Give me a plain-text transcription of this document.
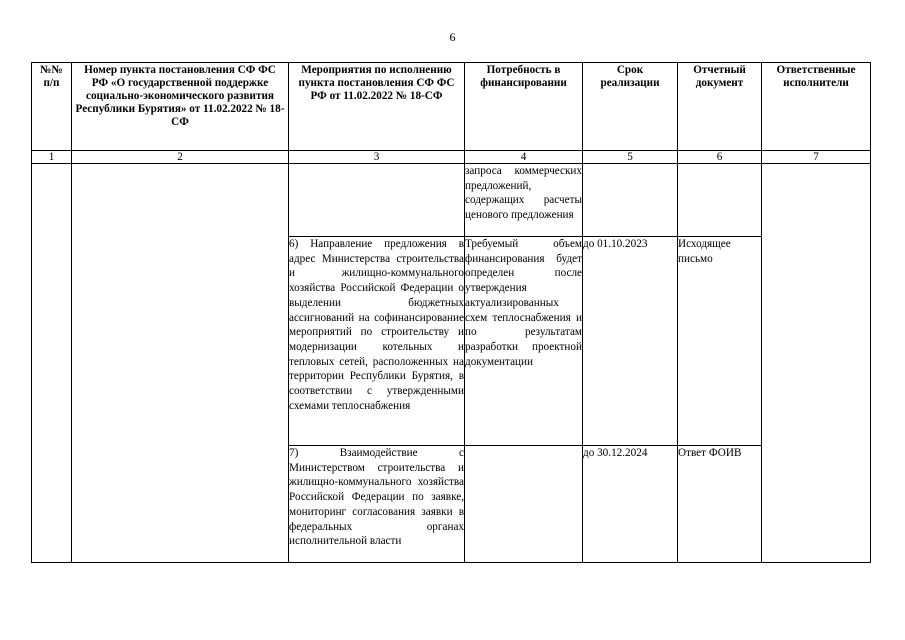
6
№№ п/п	Номер пункта постановления СФ ФС РФ «О государственной поддержке социально-экономического развития Республики Бурятия» от 11.02.2022 № 18-СФ	Мероприятия по исполнению пункта постановления СФ ФС РФ от 11.02.2022 № 18-СФ	Потребность в финансировании	Срок реализации	Отчетный документ	Ответственные исполнители
1	2	3	4	5	6	7
			запроса коммерческих предложений, содержащих расчеты ценового предложения			
		6) Направление предложения в адрес Министерства строительства и жилищно-коммунального хозяйства Российской Федерации о выделении бюджетных ассигнований на софинансирование мероприятий по строительству и модернизации котельных и тепловых сетей, расположенных на территории Республики Бурятия, в соответствии с утвержденными схемами теплоснабжения	Требуемый объем финансирования будет определен после утверждения актуализированных схем теплоснабжения и по результатам разработки проектной документации	до 01.10.2023	Исходящее письмо	
		7) Взаимодействие с Министерством строительства и жилищно-коммунального хозяйства Российской Федерации по заявке, мониторинг согласования заявки в федеральных органах исполнительной власти		до 30.12.2024	Ответ ФОИВ	
